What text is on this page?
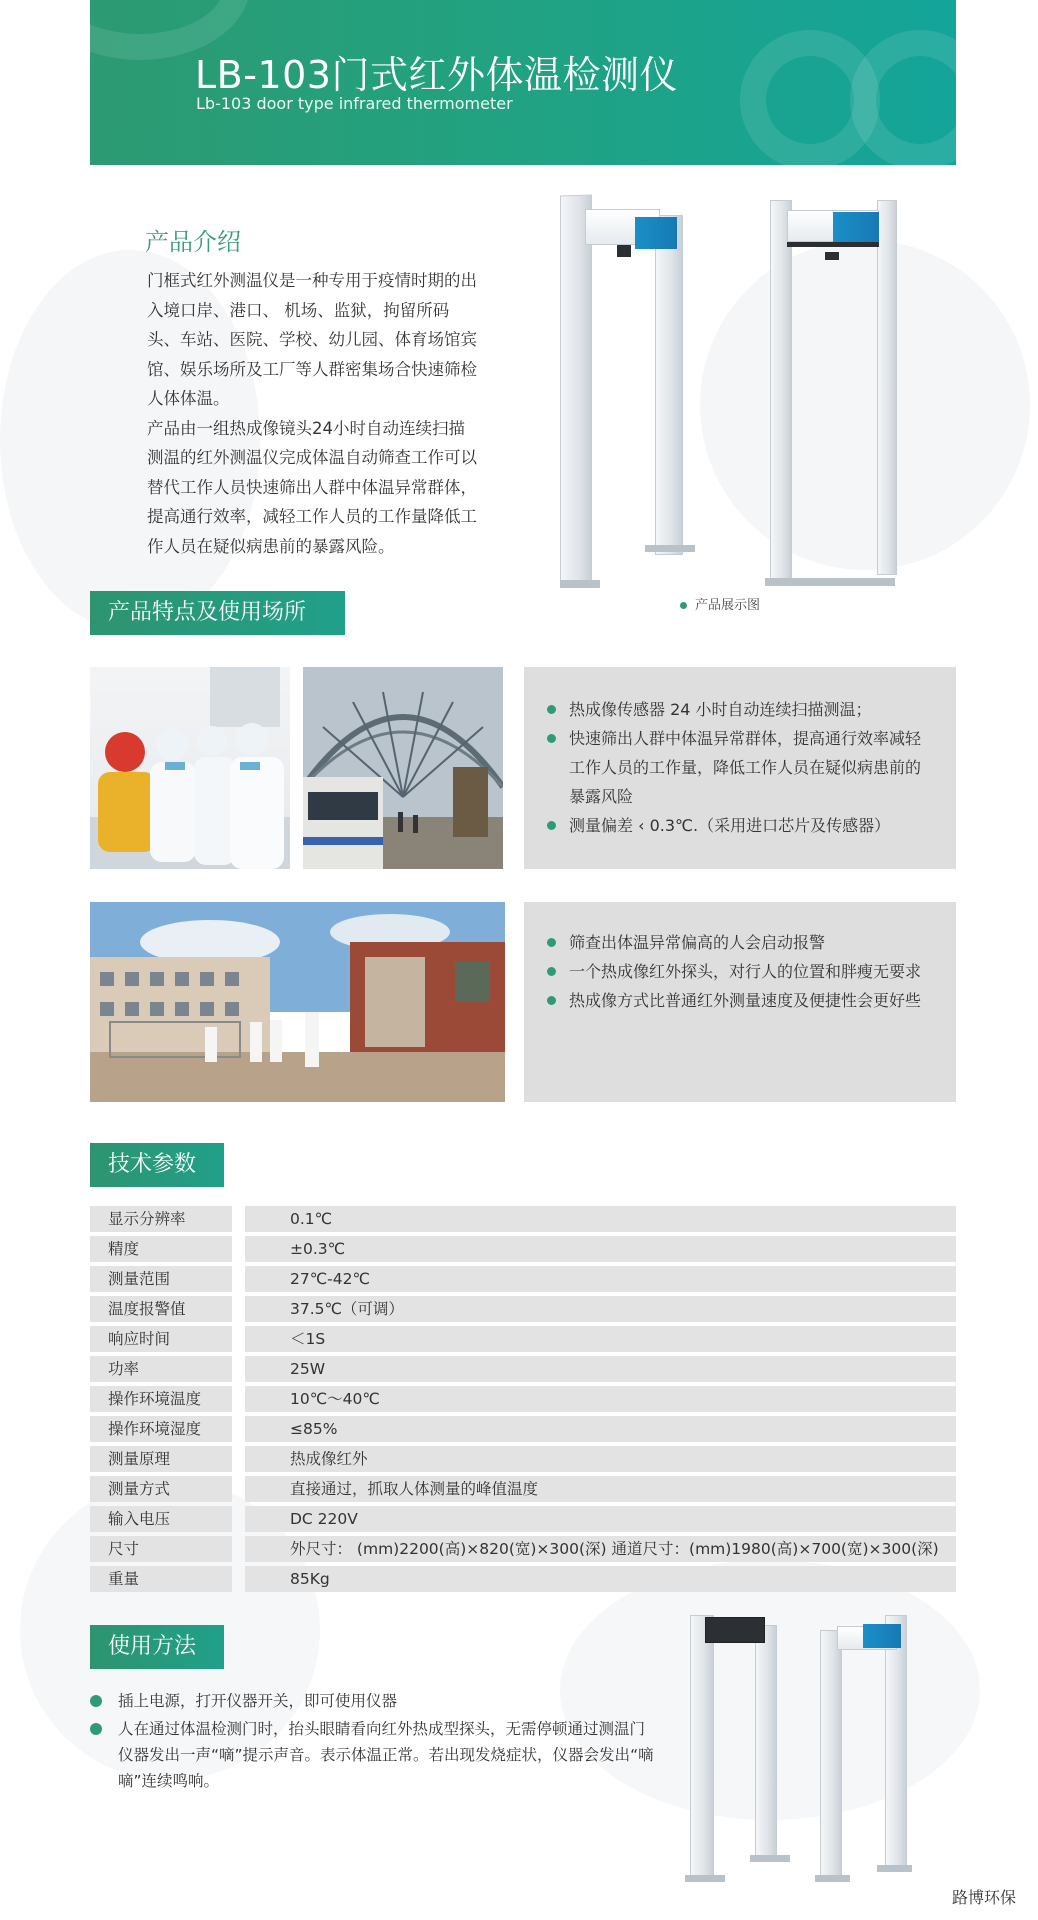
LB-103门式红外体温检测仪
Lb-103 door type infrared thermometer
产品介绍

门框式红外测温仪是一种专用于疫情时期的出入境口岸、港口、 机场、监狱，拘留所码头、车站、医院、学校、幼儿园、体育场馆宾馆、娱乐场所及工厂等人群密集场合快速筛检人体体温。

产品由一组热成像镜头24小时自动连续扫描测温的红外测温仪完成体温自动筛查工作可以替代工作人员快速筛出人群中体温异常群体，提高通行效率，减轻工作人员的工作量降低工作人员在疑似病患前的暴露风险。

产品展示图
产品特点及使用场所
热成像传感器 24 小时自动连续扫描测温；
快速筛出人群中体温异常群体，提高通行效率减轻工作人员的工作量，降低工作人员在疑似病患前的暴露风险
测量偏差 ‹ 0.3℃.（采用进口芯片及传感器）
筛查出体温异常偏高的人会启动报警
一个热成像红外探头，对行人的位置和胖瘦无要求
热成像方式比普通红外测量速度及便捷性会更好些
技术参数
显示分辨率	0.1℃
精度	±0.3℃
测量范围	27℃-42℃
温度报警值	37.5℃（可调）
响应时间	＜1S
功率	25W
操作环境温度	10℃～40℃
操作环境湿度	≤85%
测量原理	热成像红外
测量方式	直接通过，抓取人体测量的峰值温度
输入电压	DC 220V
尺寸	外尺寸： (mm)2200(高)×820(宽)×300(深) 通道尺寸：(mm)1980(高)×700(宽)×300(深)
重量	85Kg
使用方法
插上电源，打开仪器开关，即可使用仪器
人在通过体温检测门时，抬头眼睛看向红外热成型探头，无需停顿通过测温门仪器发出一声“嘀”提示声音。表示体温正常。若出现发烧症状，仪器会发出“嘀嘀”连续鸣响。
路博环保
